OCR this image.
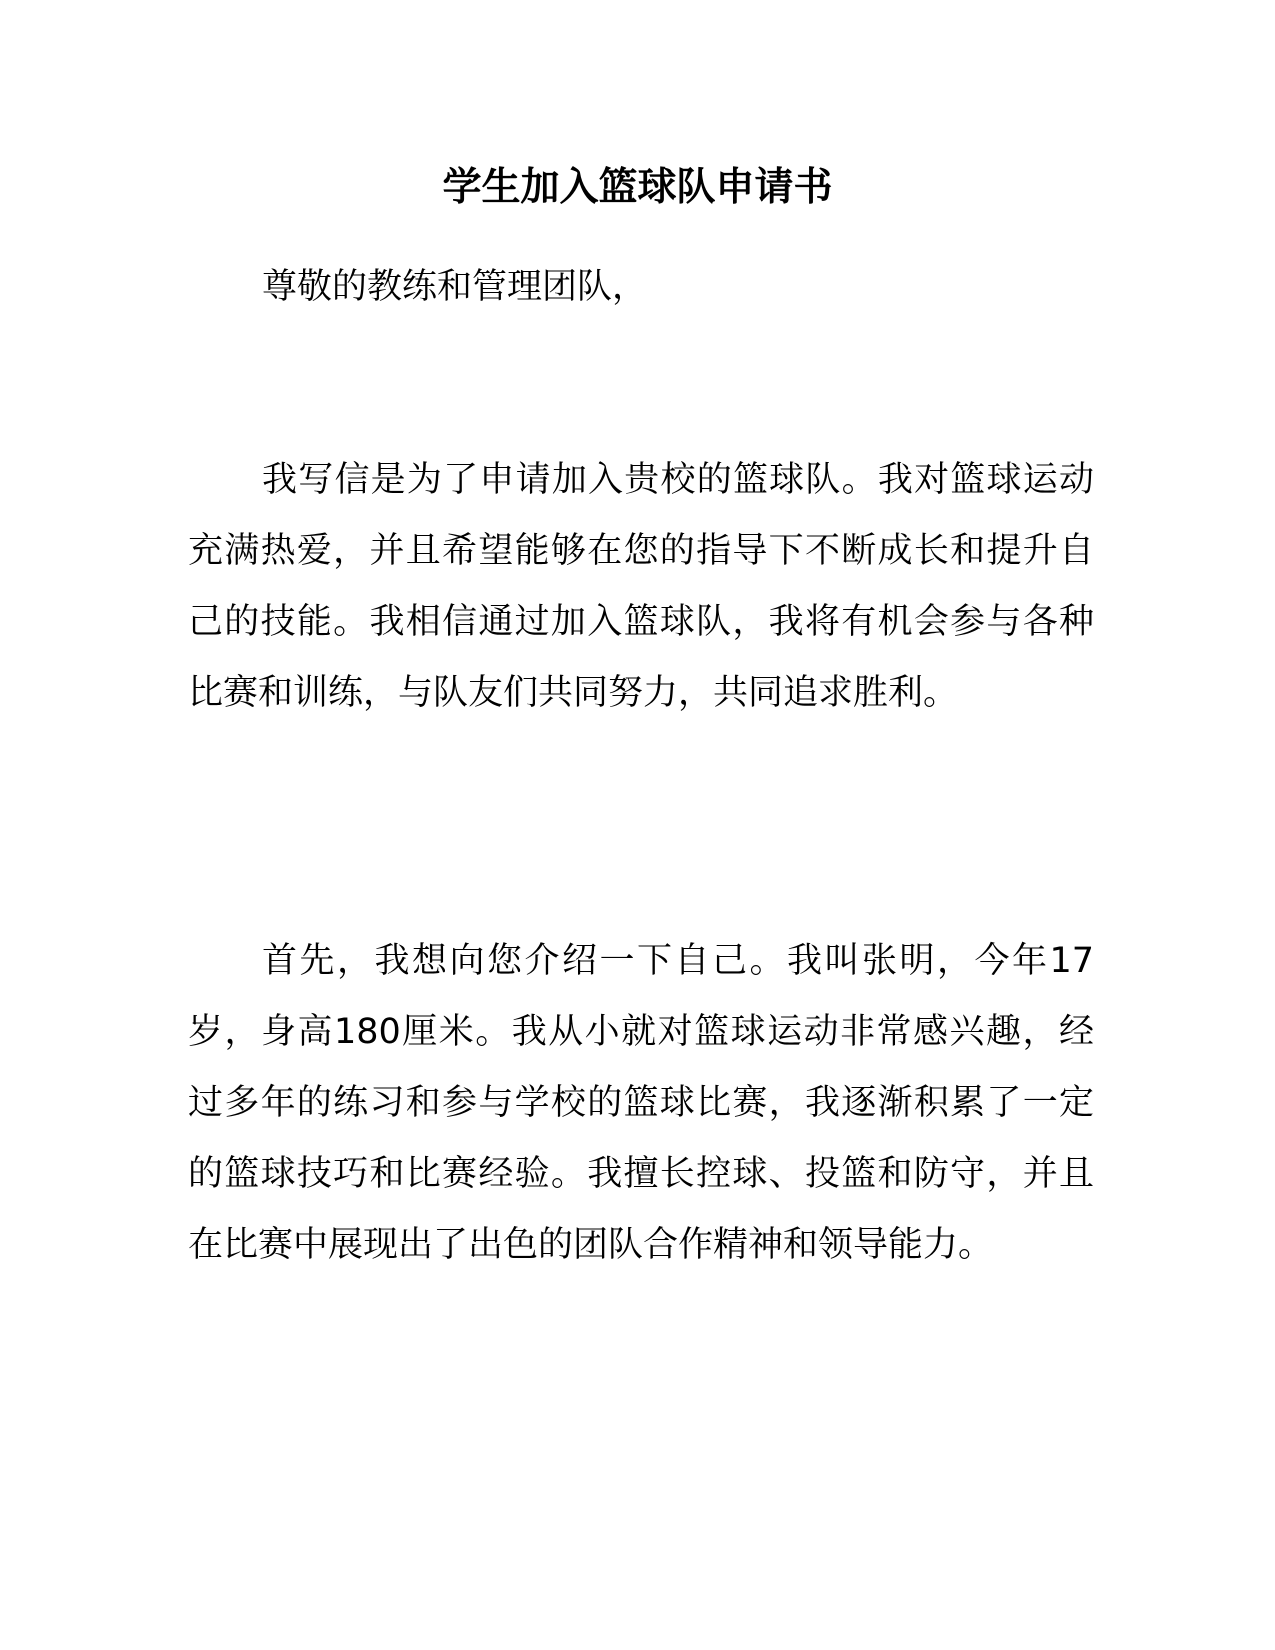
学生加入篮球队申请书
尊敬的教练和管理团队，
我写信是为了申请加入贵校的篮球队。我对篮球运动充满热爱，并且希望能够在您的指导下不断成长和提升自己的技能。我相信通过加入篮球队，我将有机会参与各种比赛和训练，与队友们共同努力，共同追求胜利。
首先，我想向您介绍一下自己。我叫张明，今年17岁，身高180厘米。我从小就对篮球运动非常感兴趣，经过多年的练习和参与学校的篮球比赛，我逐渐积累了一定的篮球技巧和比赛经验。我擅长控球、投篮和防守，并且在比赛中展现出了出色的团队合作精神和领导能力。
